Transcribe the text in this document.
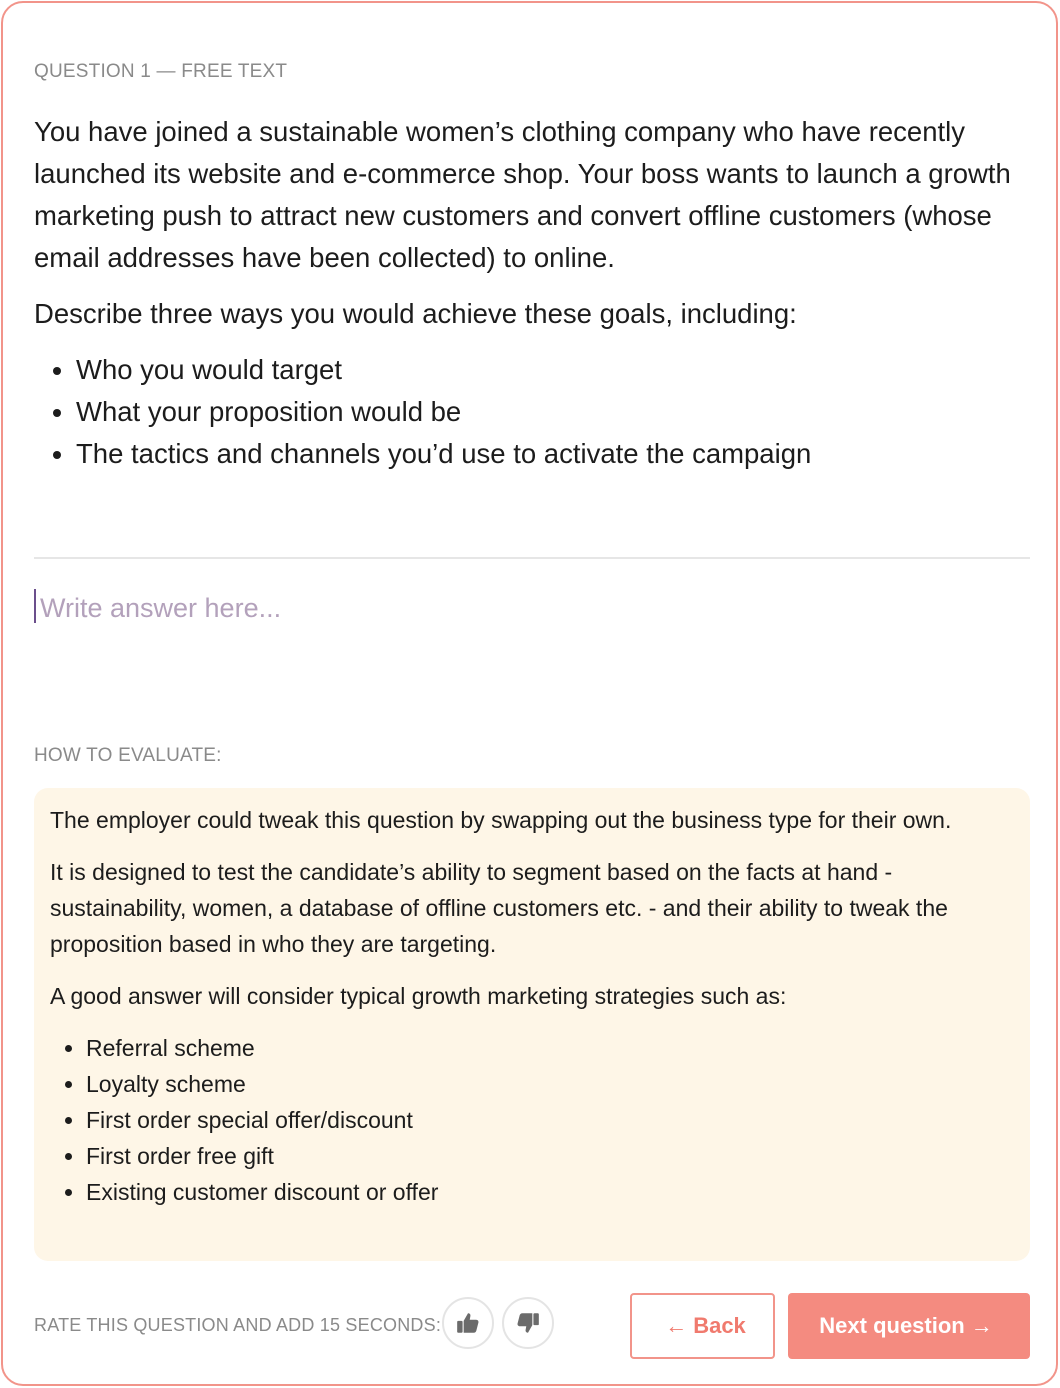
QUESTION 1 — FREE TEXT

You have joined a sustainable women’s clothing company who have recently launched its website and e-commerce shop. Your boss wants to launch a growth marketing push to attract new customers and convert offline customers (whose email addresses have been collected) to online.

Describe three ways you would achieve these goals, including:

• Who you would target
• What your proposition would be
• The tactics and channels you’d use to activate the campaign
Write answer here...
HOW TO EVALUATE:

The employer could tweak this question by swapping out the business type for their own.

It is designed to test the candidate’s ability to segment based on the facts at hand - sustainability, women, a database of offline customers etc. - and their ability to tweak the proposition based in who they are targeting.

A good answer will consider typical growth marketing strategies such as:

• Referral scheme
• Loyalty scheme
• First order special offer/discount
• First order free gift
• Existing customer discount or offer
RATE THIS QUESTION AND ADD 15 SECONDS:	← Back	Next question →
